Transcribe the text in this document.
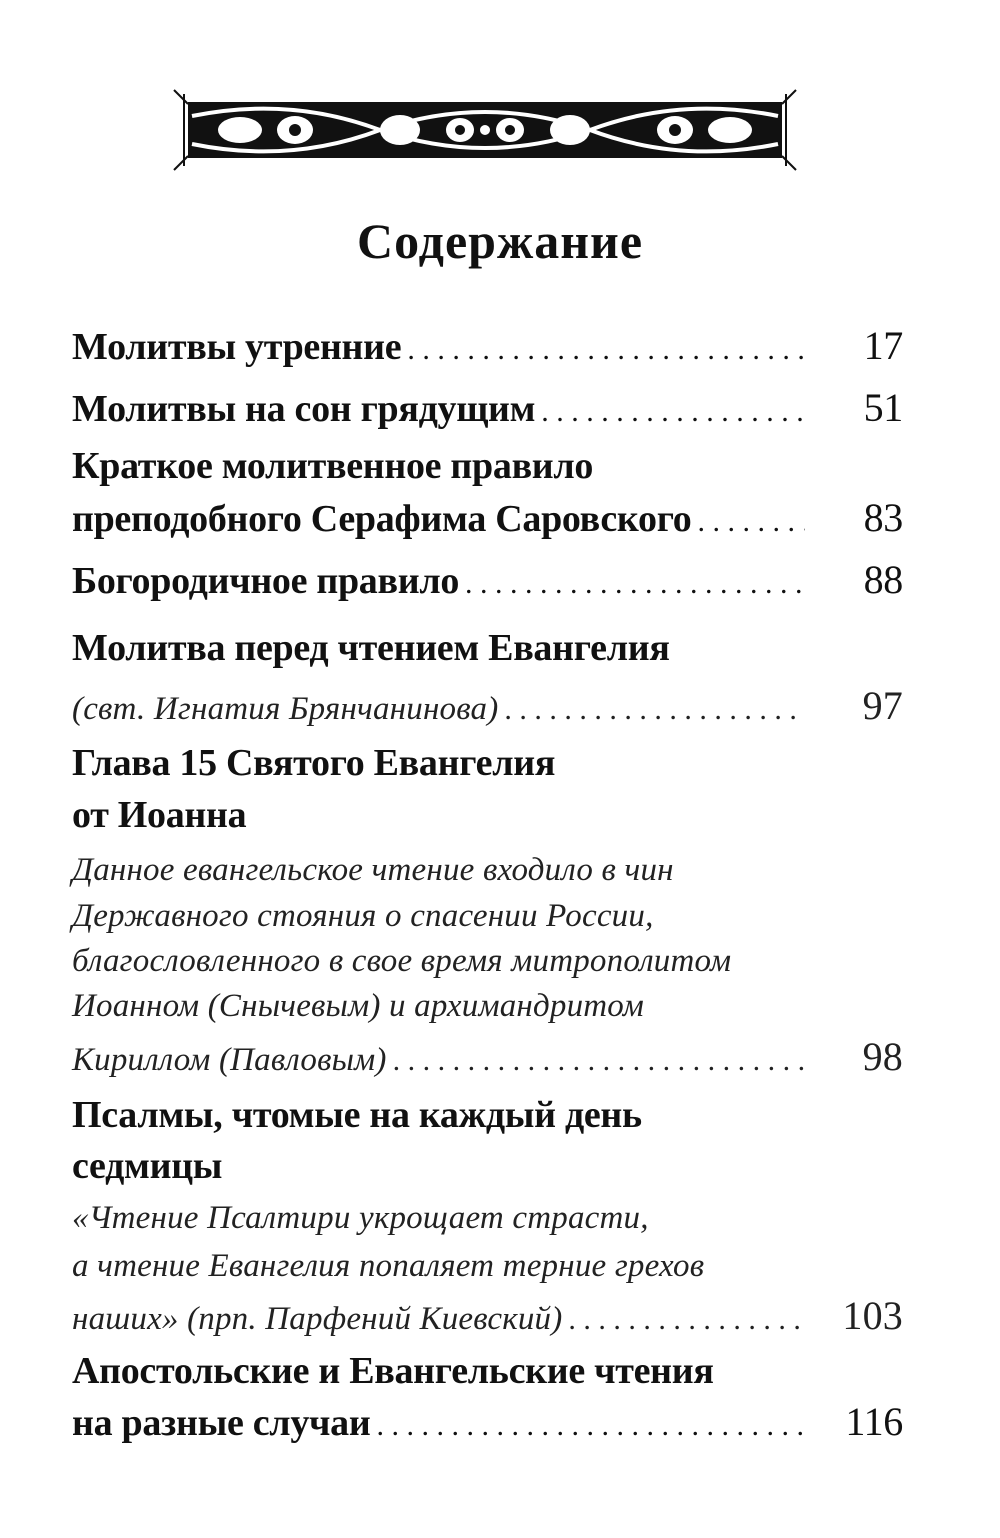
Содержание
Молитвы утренние . . .	17
Молитвы на сон грядущим . . .	51
Краткое молитвенное правило
преподобного Серафима Саровского . . .	83
Богородичное правило . . .	88
Молитва перед чтением Евангелия
(свт. Игнатия Брянчанинова) . . .	97
Глава 15 Святого Евангелия
от Иоанна
Данное евангельское чтение входило в чин
Державного стояния о спасении России,
благословленного в свое время митрополитом
Иоанном (Снычевым) и архимандритом
Кириллом (Павловым) . . .	98
Псалмы, чтомые на каждый день
седмицы
«Чтение Псалтири укрощает страсти,
а чтение Евангелия попаляет терние грехов
наших» (прп. Парфений Киевский) . . .	103
Апостольские и Евангельские чтения
на разные случаи . . .	116
